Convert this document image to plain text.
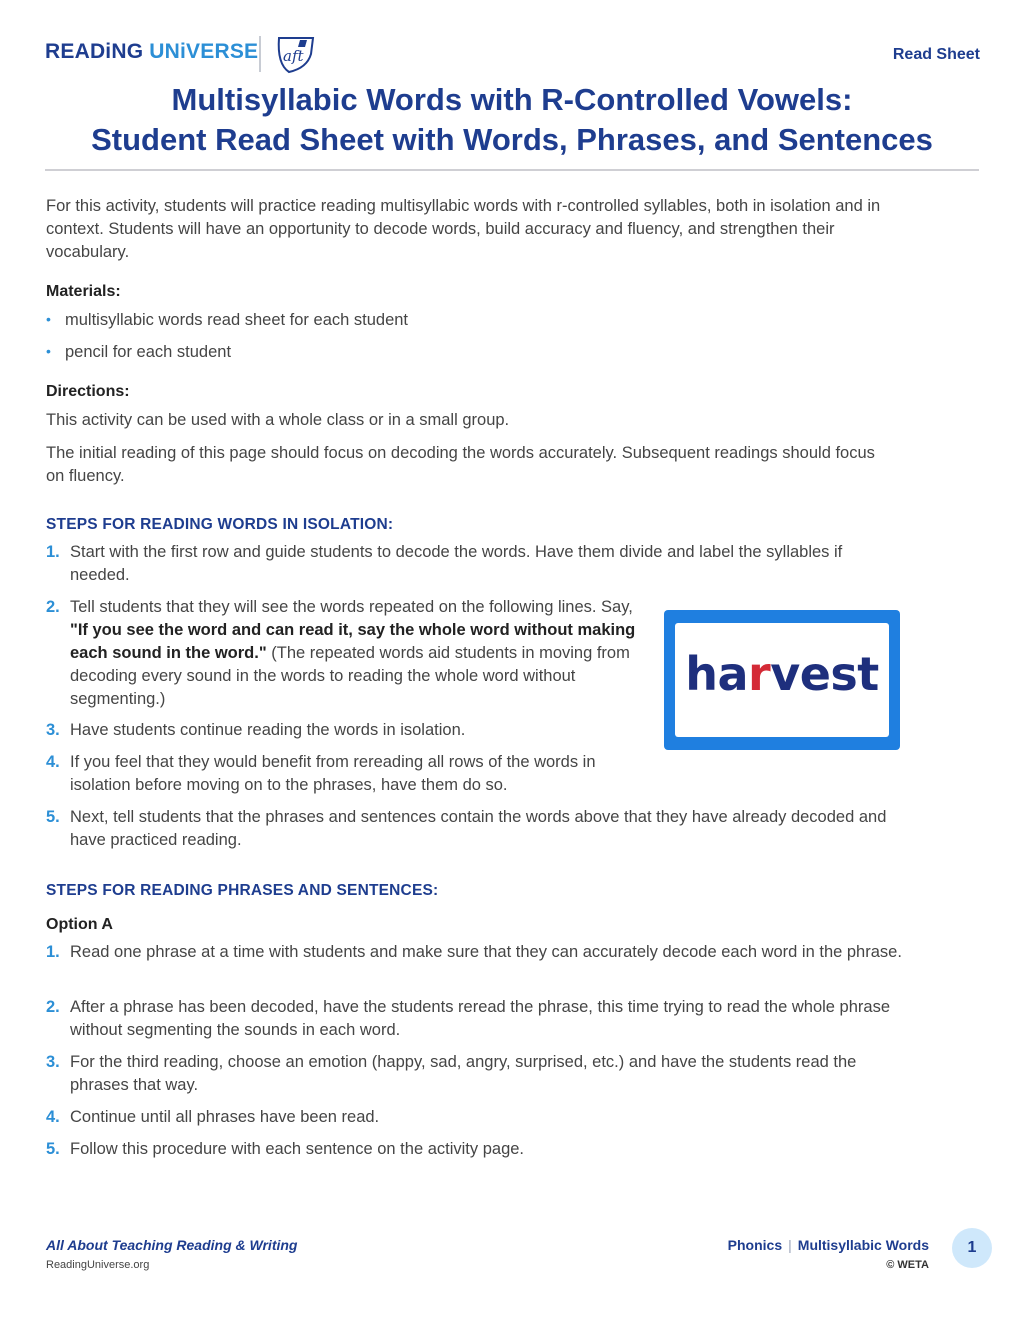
READiNG UNiVERSE aft	Read Sheet
Multisyllabic Words with R-Controlled Vowels:
Student Read Sheet with Words, Phrases, and Sentences

For this activity, students will practice reading multisyllabic words with r-controlled syllables, both in isolation and in context. Students will have an opportunity to decode words, build accuracy and fluency, and strengthen their vocabulary.

Materials:
• multisyllabic words read sheet for each student
• pencil for each student
Directions:

This activity can be used with a whole class or in a small group.

The initial reading of this page should focus on decoding the words accurately. Subsequent readings should focus on fluency.

STEPS FOR READING WORDS IN ISOLATION:
1. Start with the first row and guide students to decode the words. Have them divide and label the syllables if needed.
2. Tell students that they will see the words repeated on the following lines. Say, "If you see the word and can read it, say the whole word without making each sound in the word." (The repeated words aid students in moving from decoding every sound in the words to reading the whole word without segmenting.)
3. Have students continue reading the words in isolation.
4. If you feel that they would benefit from rereading all rows of the words in isolation before moving on to the phrases, have them do so.
5. Next, tell students that the phrases and sentences contain the words above that they have already decoded and have practiced reading.
harvest
STEPS FOR READING PHRASES AND SENTENCES:
Option A
1. Read one phrase at a time with students and make sure that they can accurately decode each word in the phrase.
2. After a phrase has been decoded, have the students reread the phrase, this time trying to read the whole phrase without segmenting the sounds in each word.
3. For the third reading, choose an emotion (happy, sad, angry, surprised, etc.) and have the students read the phrases that way.
4. Continue until all phrases have been read.
5. Follow this procedure with each sentence on the activity page.
All About Teaching Reading & Writing
ReadingUniverse.org
Phonics | Multisyllabic Words
© WETA
1
